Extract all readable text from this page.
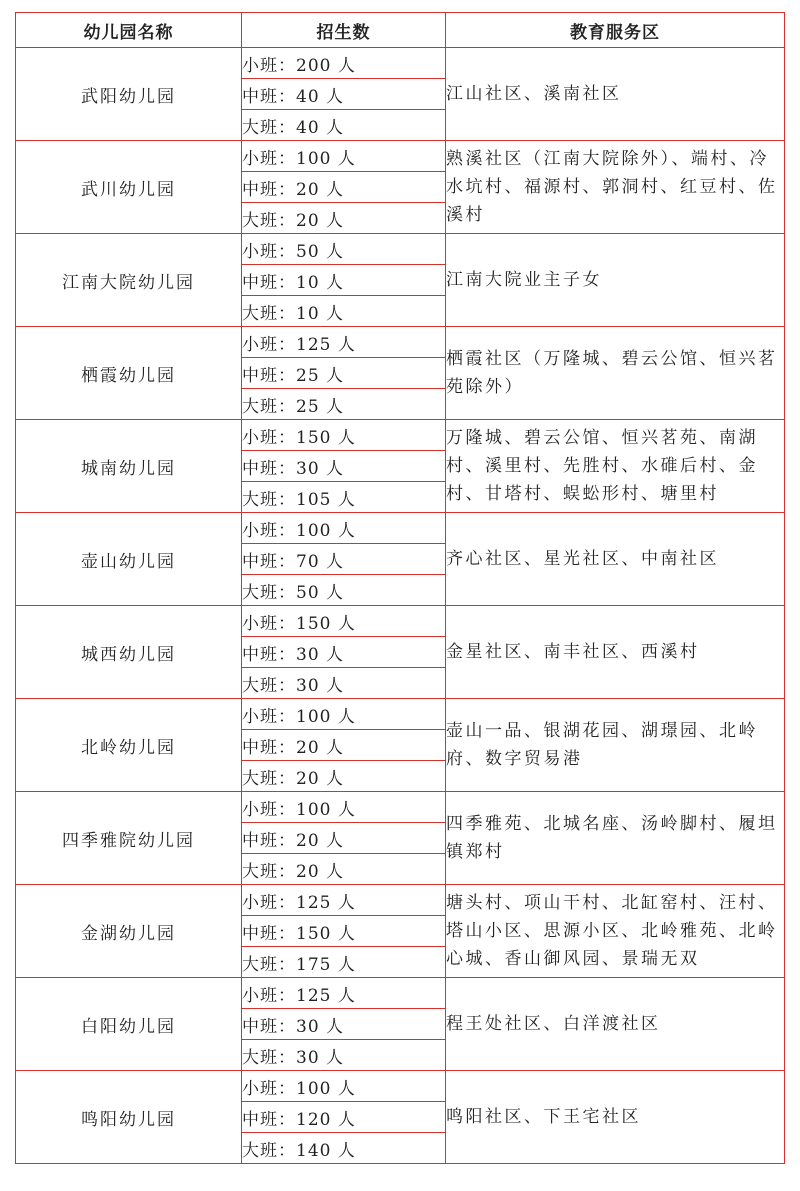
幼儿园名称	招生数	教育服务区
武阳幼儿园	小班：200 人	江山社区、溪南社区
	中班：40 人	
	大班：40 人	
武川幼儿园	小班：100 人	熟溪社区（江南大院除外）、端村、冷水坑村、福源村、郭洞村、红豆村、佐溪村
	中班：20 人	
	大班：20 人	
江南大院幼儿园	小班：50 人	江南大院业主子女
	中班：10 人	
	大班：10 人	
栖霞幼儿园	小班：125 人	栖霞社区（万隆城、碧云公馆、恒兴茗苑除外）
	中班：25 人	
	大班：25 人	
城南幼儿园	小班：150 人	万隆城、碧云公馆、恒兴茗苑、南湖村、溪里村、先胜村、水碓后村、金村、甘塔村、蜈蚣形村、塘里村
	中班：30 人	
	大班：105 人	
壶山幼儿园	小班：100 人	齐心社区、星光社区、中南社区
	中班：70 人	
	大班：50 人	
城西幼儿园	小班：150 人	金星社区、南丰社区、西溪村
	中班：30 人	
	大班：30 人	
北岭幼儿园	小班：100 人	壶山一品、银湖花园、湖璟园、北岭府、数字贸易港
	中班：20 人	
	大班：20 人	
四季雅院幼儿园	小班：100 人	四季雅苑、北城名座、汤岭脚村、履坦镇郑村
	中班：20 人	
	大班：20 人	
金湖幼儿园	小班：125 人	塘头村、项山干村、北缸窑村、汪村、塔山小区、思源小区、北岭雅苑、北岭心城、香山御风园、景瑞无双
	中班：150 人	
	大班：175 人	
白阳幼儿园	小班：125 人	程王处社区、白洋渡社区
	中班：30 人	
	大班：30 人	
鸣阳幼儿园	小班：100 人	鸣阳社区、下王宅社区
	中班：120 人	
	大班：140 人	
